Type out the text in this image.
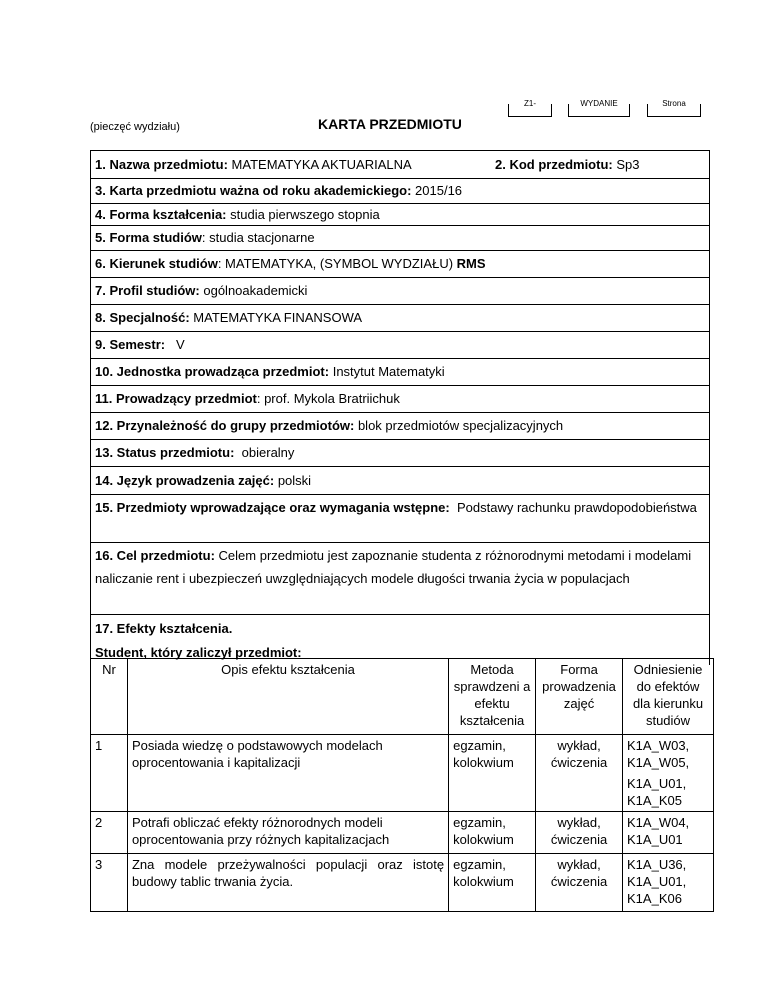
(pieczęć wydziału)	KARTA PRZEDMIOTU
Z1-	WYDANIE	Strona
1. Nazwa przedmiotu: MATEMATYKA AKTUARIALNA	2. Kod przedmiotu: Sp3
3. Karta przedmiotu ważna od roku akademickiego:
2015/16
4. Forma kształcenia:
studia pierwszego stopnia
5. Forma studiów : studia stacjonarne
6. Kierunek studiów : MATEMATYKA, (SYMBOL WYDZIAŁU)
RMS
7. Profil studiów:
ogólnoakademicki
8. Specjalność:
MATEMATYKA FINANSOWA
9. Semestr:
V
10. Jednostka prowadząca przedmiot:
Instytut Matematyki
11. Prowadzący przedmiot : prof. Mykola Bratriichuk
12. Przynależność do grupy przedmiotów:
blok przedmiotów specjalizacyjnych
13. Status przedmiotu:
obieralny
14. Język prowadzenia zajęć:
polski
15. Przedmioty wprowadzające oraz wymagania wstępne: Podstawy rachunku prawdopodobieństwa
16. Cel przedmiotu: Celem przedmiotu jest zapoznanie studenta z różnorodnymi metodami i modelami naliczanie rent i ubezpieczeń uwzględniających modele długości trwania życia w populacjach
17. Efekty kształcenia.
Student, który zaliczył przedmiot:
Nr	Opis efektu kształcenia	Metoda sprawdzeni a efektu kształcenia	Forma prowadzenia zajęć	Odniesienie do efektów dla kierunku studiów
1	Posiada wiedzę o podstawowych modelach oprocentowania i kapitalizacji	egzamin, kolokwium	wykład, ćwiczenia	K1A_W03, K1A_W05,
K1A_U01, K1A_K05

2	Potrafi obliczać efekty różnorodnych modeli oprocentowania przy różnych kapitalizacjach	egzamin, kolokwium	wykład, ćwiczenia	K1A_W04, K1A_U01
3	Zna modele przeżywalności populacji oraz istotę budowy tablic trwania życia.	egzamin, kolokwium	wykład, ćwiczenia	K1A_U36, K1A_U01, K1A_K06
